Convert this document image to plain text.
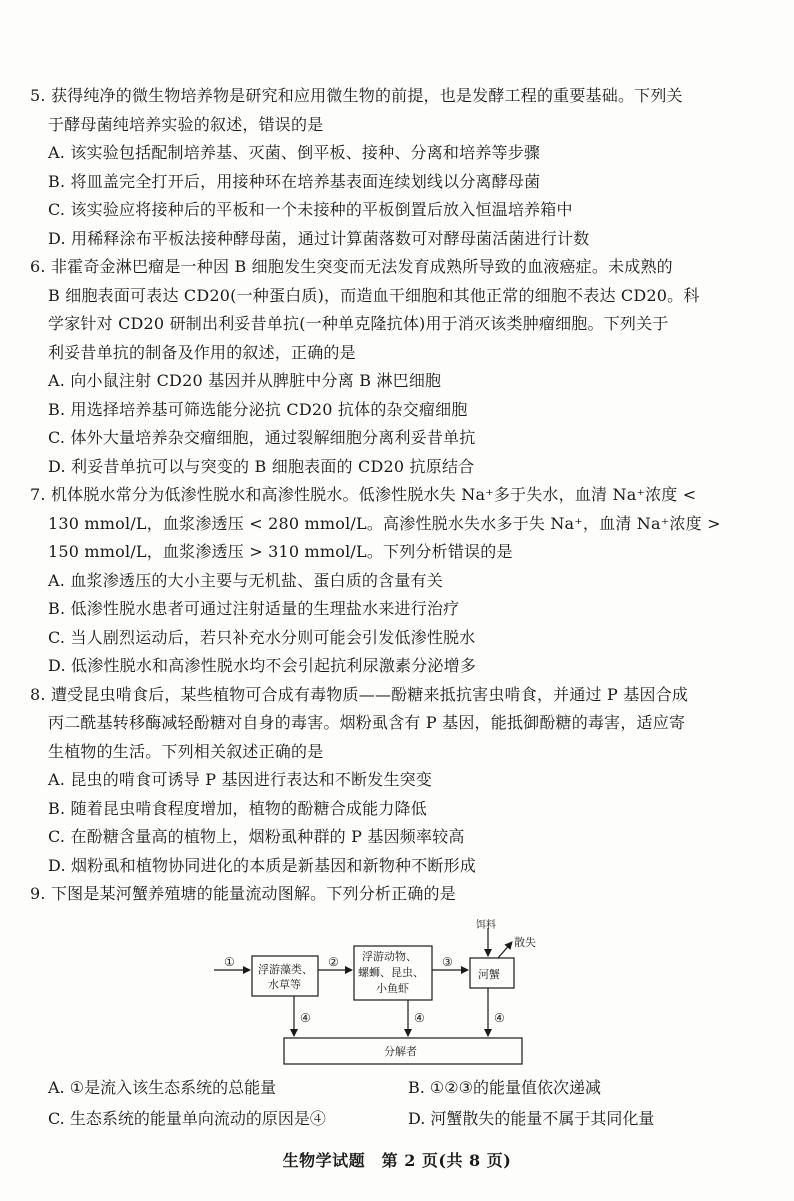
5. 获得纯净的微生物培养物是研究和应用微生物的前提，也是发酵工程的重要基础。下列关
于酵母菌纯培养实验的叙述，错误的是
A. 该实验包括配制培养基、灭菌、倒平板、接种、分离和培养等步骤
B. 将皿盖完全打开后，用接种环在培养基表面连续划线以分离酵母菌
C. 该实验应将接种后的平板和一个未接种的平板倒置后放入恒温培养箱中
D. 用稀释涂布平板法接种酵母菌，通过计算菌落数可对酵母菌活菌进行计数
6. 非霍奇金淋巴瘤是一种因 B 细胞发生突变而无法发育成熟所导致的血液癌症。未成熟的
B 细胞表面可表达 CD20(一种蛋白质)，而造血干细胞和其他正常的细胞不表达 CD20。科
学家针对 CD20 研制出利妥昔单抗(一种单克隆抗体)用于消灭该类肿瘤细胞。下列关于
利妥昔单抗的制备及作用的叙述，正确的是
A. 向小鼠注射 CD20 基因并从脾脏中分离 B 淋巴细胞
B. 用选择培养基可筛选能分泌抗 CD20 抗体的杂交瘤细胞
C. 体外大量培养杂交瘤细胞，通过裂解细胞分离利妥昔单抗
D. 利妥昔单抗可以与突变的 B 细胞表面的 CD20 抗原结合
7. 机体脱水常分为低渗性脱水和高渗性脱水。低渗性脱水失 Na⁺多于失水，血清 Na⁺浓度 <
130 mmol/L，血浆渗透压 < 280 mmol/L。高渗性脱水失水多于失 Na⁺，血清 Na⁺浓度 >
150 mmol/L，血浆渗透压 > 310 mmol/L。下列分析错误的是
A. 血浆渗透压的大小主要与无机盐、蛋白质的含量有关
B. 低渗性脱水患者可通过注射适量的生理盐水来进行治疗
C. 当人剧烈运动后，若只补充水分则可能会引发低渗性脱水
D. 低渗性脱水和高渗性脱水均不会引起抗利尿激素分泌增多
8. 遭受昆虫啃食后，某些植物可合成有毒物质——酚糖来抵抗害虫啃食，并通过 P 基因合成
丙二酰基转移酶减轻酚糖对自身的毒害。烟粉虱含有 P 基因，能抵御酚糖的毒害，适应寄
生植物的生活。下列相关叙述正确的是
A. 昆虫的啃食可诱导 P 基因进行表达和不断发生突变
B. 随着昆虫啃食程度增加，植物的酚糖合成能力降低
C. 在酚糖含量高的植物上，烟粉虱种群的 P 基因频率较高
D. 烟粉虱和植物协同进化的本质是新基因和新物种不断形成
9. 下图是某河蟹养殖塘的能量流动图解。下列分析正确的是
①	②	③
④	④	④
浮游藻类、
水草等
浮游动物、
螺蛳、昆虫、
小鱼虾
河蟹
分解者
饵料
散失
A. ①是流入该生态系统的总能量	B. ①②③的能量值依次递减
C. 生态系统的能量单向流动的原因是④	D. 河蟹散失的能量不属于其同化量
生物学试题　第 2 页(共 8 页)
